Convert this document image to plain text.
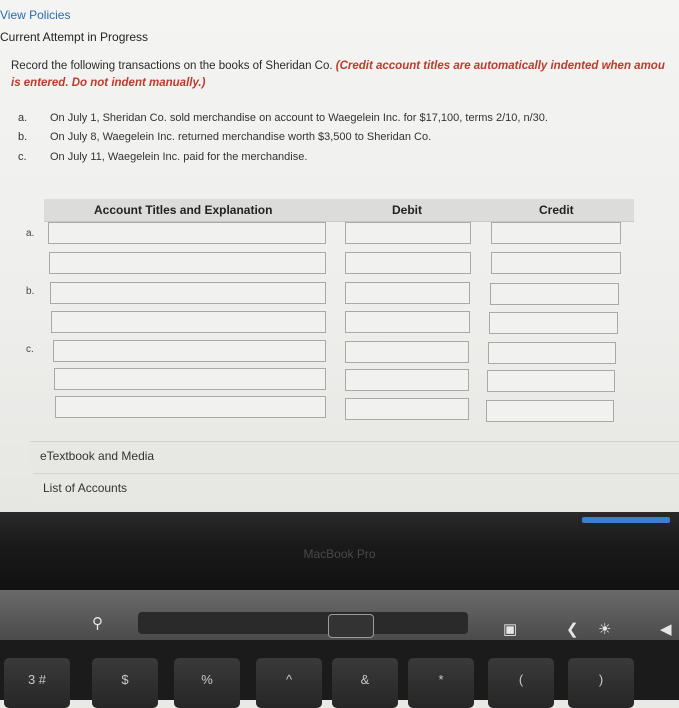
View Policies
Current Attempt in Progress
Record the following transactions on the books of Sheridan Co. (Credit account titles are automatically indented when amou
is entered. Do not indent manually.)
a. On July 1, Sheridan Co. sold merchandise on account to Waegelein Inc. for $17,100, terms 2/10, n/30.
b. On July 8, Waegelein Inc. returned merchandise worth $3,500 to Sheridan Co.
c. On July 11, Waegelein Inc. paid for the merchandise.
Account Titles and Explanation	Debit	Credit
a.
b.
c.
eTextbook and Media
List of Accounts
MacBook Pro
⚲	▣	❮ ☀	◀
3 #	$	%	^	&	*	(	)
